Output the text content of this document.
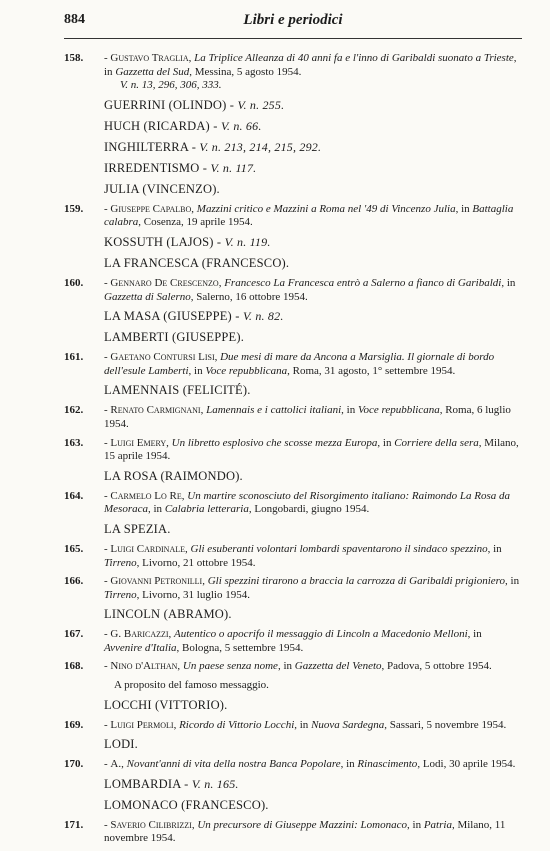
884	Libri e periodici
158.	- Gustavo Traglia, La Triplice Alleanza di 40 anni fa e l'inno di Garibaldi suonato a Trieste, in Gazzetta del Sud, Messina, 5 agosto 1954.
V. n. 13, 296, 306, 333.
GUERRINI (OLINDO) - V. n. 255.
HUCH (RICARDA) - V. n. 66.
INGHILTERRA - V. n. 213, 214, 215, 292.
IRREDENTISMO - V. n. 117.
JULIA (VINCENZO).
159.	- Giuseppe Capalbo, Mazzini critico e Mazzini a Roma nel '49 di Vincenzo Julia, in Battaglia calabra, Cosenza, 19 aprile 1954.
KOSSUTH (LAJOS) - V. n. 119.
LA FRANCESCA (FRANCESCO).
160.	- Gennaro De Crescenzo, Francesco La Francesca entrò a Salerno a fianco di Garibaldi, in Gazzetta di Salerno, Salerno, 16 ottobre 1954.
LA MASA (GIUSEPPE) - V. n. 82.
LAMBERTI (GIUSEPPE).
161.	- Gaetano Contursi Lisi, Due mesi di mare da Ancona a Marsiglia. Il giornale di bordo dell'esule Lamberti, in Voce repubblicana, Roma, 31 agosto, 1° settembre 1954.
LAMENNAIS (FELICITÉ).
162.	- Renato Carmignani, Lamennais e i cattolici italiani, in Voce repubblicana, Roma, 6 luglio 1954.
163.	- Luigi Emery, Un libretto esplosivo che scosse mezza Europa, in Corriere della sera, Milano, 15 aprile 1954.
LA ROSA (RAIMONDO).
164.	- Carmelo Lo Re, Un martire sconosciuto del Risorgimento italiano: Raimondo La Rosa da Mesoraca, in Calabria letteraria, Longobardi, giugno 1954.
LA SPEZIA.
165.	- Luigi Cardinale, Gli esuberanti volontari lombardi spaventarono il sindaco spezzino, in Tirreno, Livorno, 21 ottobre 1954.
166.	- Giovanni Petronilli, Gli spezzini tirarono a braccia la carrozza di Garibaldi prigioniero, in Tirreno, Livorno, 31 luglio 1954.
LINCOLN (ABRAMO).
167.	- G. Baricazzi, Autentico o apocrifo il messaggio di Lincoln a Macedonio Melloni, in Avvenire d'Italia, Bologna, 5 settembre 1954.
168.	- Nino d'Althan, Un paese senza nome, in Gazzetta del Veneto, Padova, 5 ottobre 1954.
A proposito del famoso messaggio.
LOCCHI (VITTORIO).
169.	- Luigi Permoli, Ricordo di Vittorio Locchi, in Nuova Sardegna, Sassari, 5 novembre 1954.
LODI.
170.	- A., Novant'anni di vita della nostra Banca Popolare, in Rinascimento, Lodi, 30 aprile 1954.
LOMBARDIA - V. n. 165.
LOMONACO (FRANCESCO).
171.	- Saverio Cilibrizzi, Un precursore di Giuseppe Mazzini: Lomonaco, in Patria, Milano, 11 novembre 1954.
